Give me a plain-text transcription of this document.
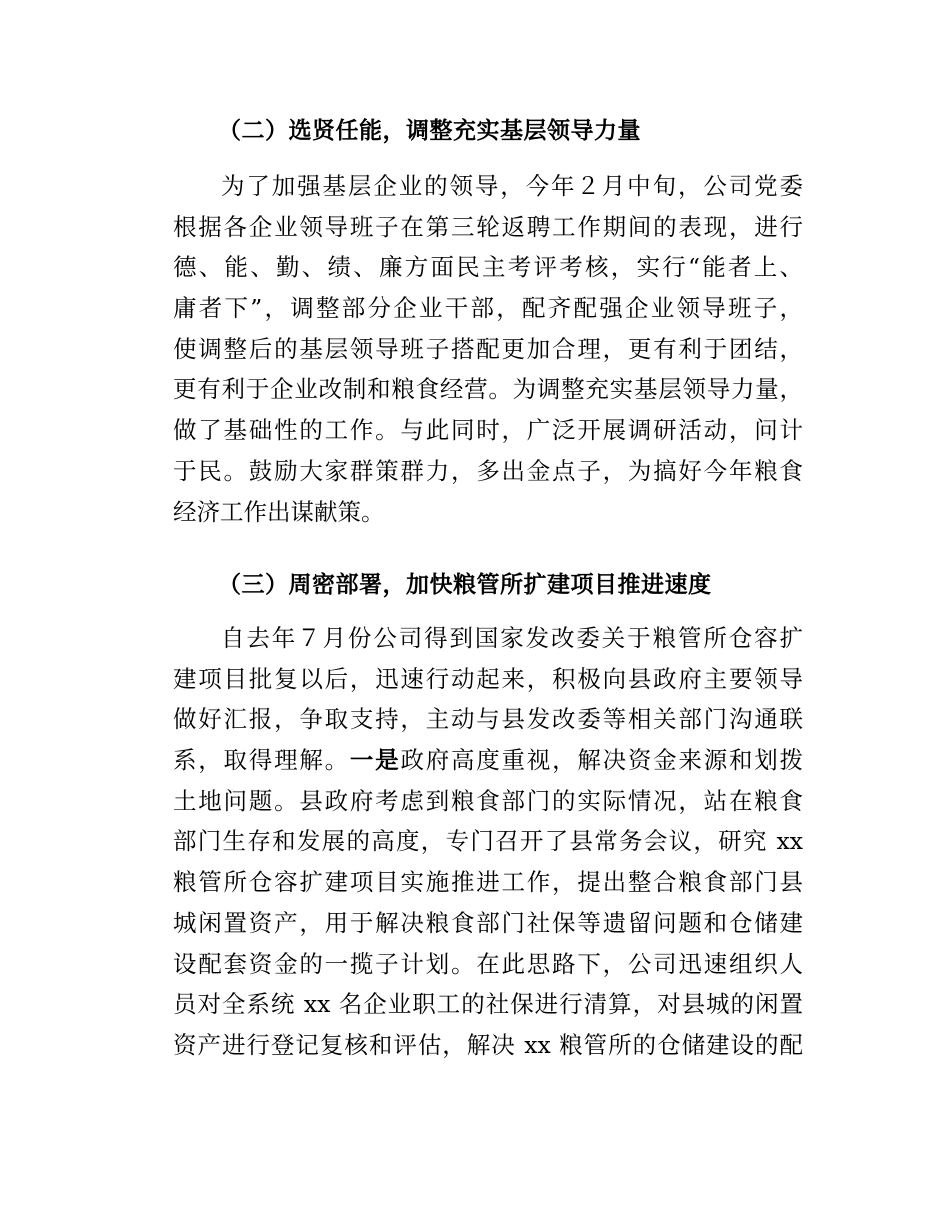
（二）选贤任能，调整充实基层领导力量
为了加强基层企业的领导，今年２月中旬，公司党委
根据各企业领导班子在第三轮返聘工作期间的表现，进行
德、能、勤、绩、廉方面民主考评考核，实行“能者上、
庸者下”，调整部分企业干部，配齐配强企业领导班子，
使调整后的基层领导班子搭配更加合理，更有利于团结，
更有利于企业改制和粮食经营。为调整充实基层领导力量，
做了基础性的工作。与此同时，广泛开展调研活动，问计
于民。鼓励大家群策群力，多出金点子，为搞好今年粮食
经济工作出谋献策。
（三）周密部署，加快粮管所扩建项目推进速度
自去年７月份公司得到国家发改委关于粮管所仓容扩
建项目批复以后，迅速行动起来，积极向县政府主要领导
做好汇报，争取支持，主动与县发改委等相关部门沟通联
系，取得理解。一是政府高度重视，解决资金来源和划拨
土地问题。县政府考虑到粮食部门的实际情况，站在粮食
部门生存和发展的高度，专门召开了县常务会议，研究 xx
粮管所仓容扩建项目实施推进工作，提出整合粮食部门县
城闲置资产，用于解决粮食部门社保等遗留问题和仓储建
设配套资金的一揽子计划。在此思路下，公司迅速组织人
员对全系统 xx 名企业职工的社保进行清算，对县城的闲置
资产进行登记复核和评估，解决 xx 粮管所的仓储建设的配
